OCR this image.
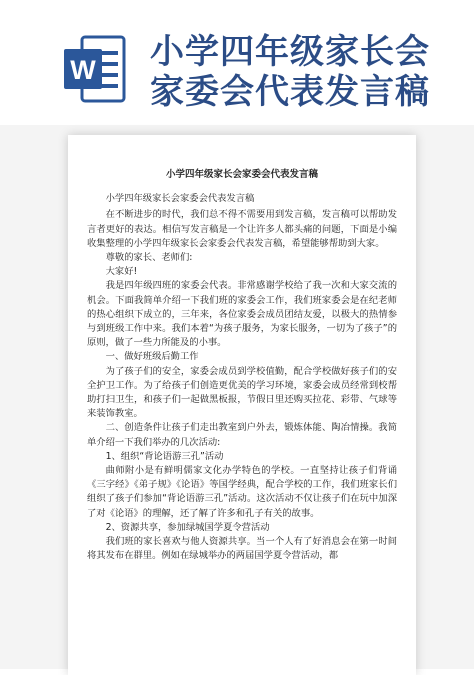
W 小学四年级家长会
家委会代表发言稿
小学四年级家长会家委会代表发言稿

小学四年级家长会家委会代表发言稿

在不断进步的时代，我们总不得不需要用到发言稿，发言稿可以帮助发言者更好的表达。相信写发言稿是一个让许多人都头痛的问题，下面是小编收集整理的小学四年级家长会家委会代表发言稿，希望能够帮助到大家。

尊敬的家长、老师们:

大家好!

我是四年级四班的家委会代表。非常感谢学校给了我一次和大家交流的机会。下面我简单介绍一下我们班的家委会工作，我们班家委会是在纪老师的热心组织下成立的，三年来，各位家委会成员团结友爱，以极大的热情参与到班级工作中来。我们本着“为孩子服务，为家长服务，一切为了孩子”的原则，做了一些力所能及的小事。

一、做好班级后勤工作

为了孩子们的安全，家委会成员到学校值勤，配合学校做好孩子们的安全护卫工作。为了给孩子们创造更优美的学习环境，家委会成员经常到校帮助打扫卫生，和孩子们一起做黑板报，节假日里还购买拉花、彩带、气球等来装饰教室。

二、创造条件让孩子们走出教室到户外去，锻炼体能、陶冶情操。我简单介绍一下我们举办的几次活动:

1、组织“背论语游三孔”活动

曲师附小是有鲜明儒家文化办学特色的学校。一直坚持让孩子们背诵《三字经》《弟子规》《论语》等国学经典，配合学校的工作，我们班家长们组织了孩子们参加“背论语游三孔”活动。这次活动不仅让孩子们在玩中加深了对《论语》的理解，还了解了许多和孔子有关的故事。

2、资源共享，参加绿城国学夏令营活动

我们班的家长喜欢与他人资源共享。当一个人有了好消息会在第一时间将其发布在群里。例如在绿城举办的两届国学夏令营活动，都
